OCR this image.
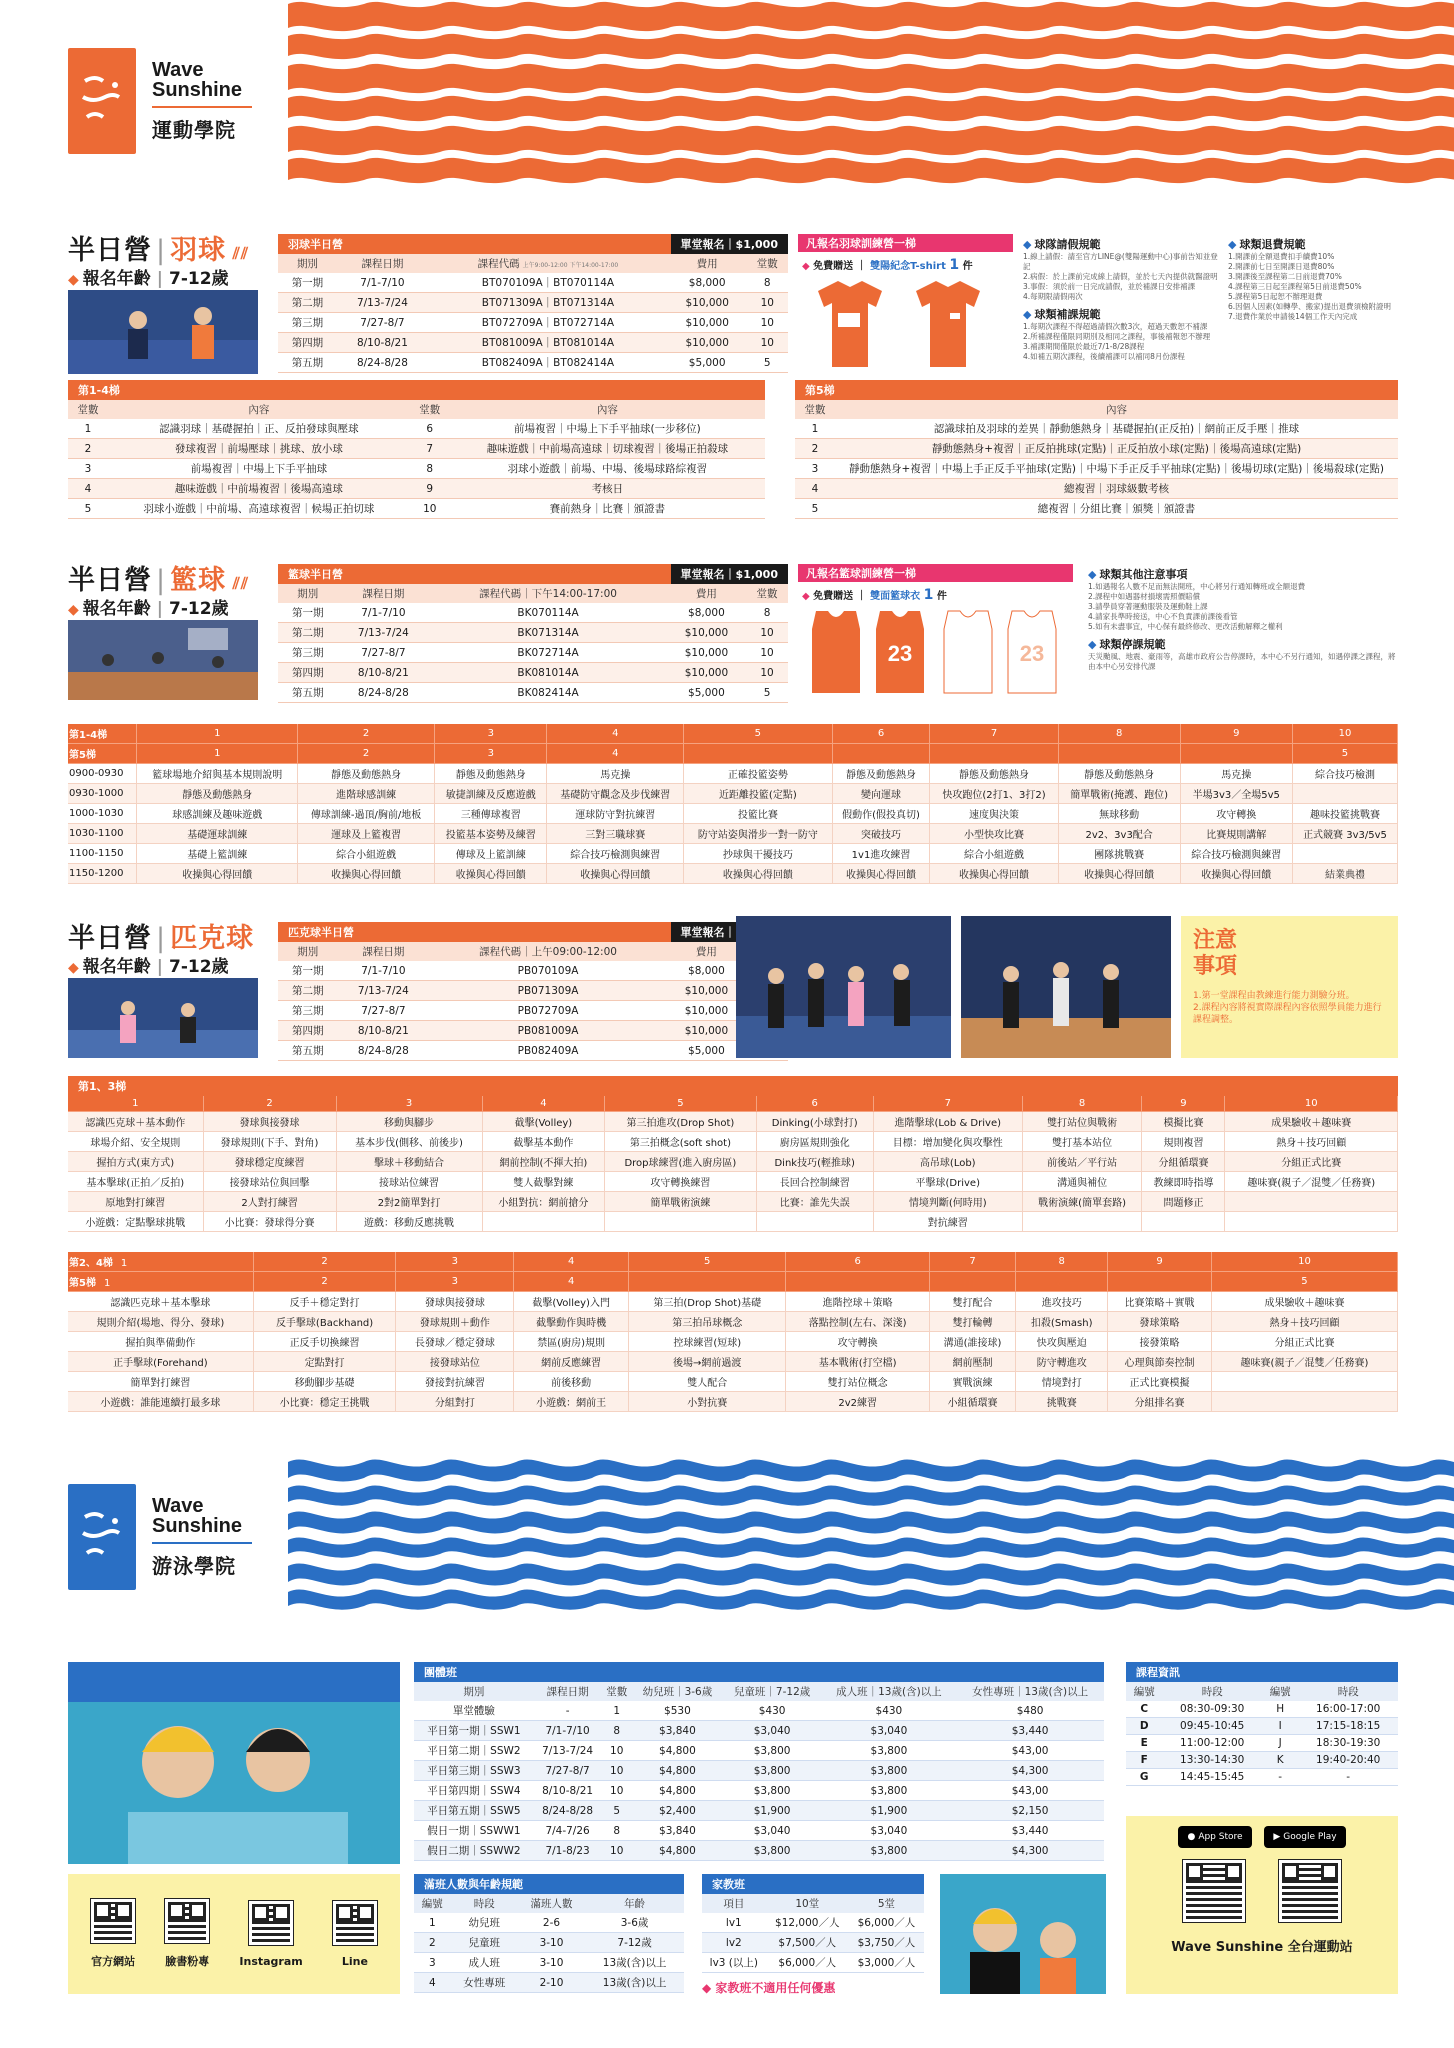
Wave
Sunshine
運動學院
半日營 | 羽球 ⫽⫽
◆ 報名年齡 | 7-12歲
羽球半日營	單堂報名 ｜ $1,000
期別	課程日期	課程代碼 上午9:00-12:00 下午14:00-17:00	費用	堂數
第一期	7/1-7/10	BT070109A｜BT070114A	$8,000	8
第二期	7/13-7/24	BT071309A｜BT071314A	$10,000	10
第三期	7/27-8/7	BT072709A｜BT072714A	$10,000	10
第四期	8/10-8/21	BT081009A｜BT081014A	$10,000	10
第五期	8/24-8/28	BT082409A｜BT082414A	$5,000	5
凡報名羽球訓練營一梯
◆ 免費贈送 ｜ 雙陽紀念T-shirt 1 件
◆ 球隊請假規範
1.線上請假：請至官方LINE@(雙陽運動中心)事前告知並登記
2.病假：於上課前完成線上請假，並於七天內提供就醫證明
3.事假：須於前一日完成請假，並於補課日安排補課
4.每期限請假兩次
◆ 球類補課規範
1.每期次課程不得超過請假次數3次，超過天數恕不補課
2.所補課程僅限同期別及相同之課程，事後補報恕不辦理
3.補課期間僅限於最近7/1-8/28課程
4.如補五期次課程，後續補課可以補同8月份課程
◆ 球類退費規範
1.開課前全額退費扣手續費10%
2.開課前七日至開課日退費80%
3.開課後至課程第二日前退費70%
4.課程第三日起至課程第5日前退費50%
5.課程第5日起恕不辦理退費
6.因個人因素(如轉學、搬家)提出退費須檢附證明
7.退費作業於申請後14個工作天內完成
第1-4梯
堂數	內容	堂數	內容
1	認識羽球｜基礎握拍｜正、反拍發球與壓球	6	前場複習｜中場上下手平抽球(一步移位)
2	發球複習｜前場壓球｜挑球、放小球	7	趣味遊戲｜中前場高遠球｜切球複習｜後場正拍殺球
3	前場複習｜中場上下手平抽球	8	羽球小遊戲｜前場、中場、後場球路綜複習
4	趣味遊戲｜中前場複習｜後場高遠球	9	考核日
5	羽球小遊戲｜中前場、高遠球複習｜候場正拍切球	10	賽前熱身｜比賽｜頒證書
第5梯
堂數	內容
1	認識球拍及羽球的差異｜靜動態熱身｜基礎握拍(正反拍)｜網前正反手壓｜推球
2	靜動態熱身+複習｜正反拍挑球(定點)｜正反拍放小球(定點)｜後場高遠球(定點)
3	靜動態熱身+複習｜中場上手正反手平抽球(定點)｜中場下手正反手平抽球(定點)｜後場切球(定點)｜後場殺球(定點)
4	總複習｜羽球級數考核
5	總複習｜分組比賽｜頒獎｜頒證書
半日營 | 籃球 ⫽⫽
◆ 報名年齡 | 7-12歲
籃球半日營	單堂報名 ｜ $1,000
期別	課程日期	課程代碼｜下午14:00-17:00	費用	堂數
第一期	7/1-7/10	BK070114A	$8,000	8
第二期	7/13-7/24	BK071314A	$10,000	10
第三期	7/27-8/7	BK072714A	$10,000	10
第四期	8/10-8/21	BK081014A	$10,000	10
第五期	8/24-8/28	BK082414A	$5,000	5
凡報名籃球訓練營一梯
◆ 免費贈送 ｜ 雙面籃球衣 1 件
23	23
◆ 球類其他注意事項
1.如遇報名人數不足而無法開班，中心將另行通知轉班或全額退費
2.課程中如遇器材損壞需照價賠償
3.請學員穿著運動服裝及運動鞋上課
4.請家長準時接送，中心不負責課前課後看管
5.如有未盡事宜，中心保有最終修改、更改活動解釋之權利
◆ 球類停課規範
天災颱風、地震、豪雨等，高雄市政府公告停課時，本中心不另行通知，如遇停課之課程，將由本中心另安排代課
第1-4梯	1	2	3	4	5	6	7	8	9	10
第5梯	1	2	3	4						5
0900-0930	籃球場地介紹與基本規則說明	靜態及動態熱身	靜態及動態熱身	馬克操	正確投籃姿勢	靜態及動態熱身	靜態及動態熱身	靜態及動態熱身	馬克操	綜合技巧檢測
0930-1000	靜態及動態熱身	進階球感訓練	敏捷訓練及反應遊戲	基礎防守觀念及步伐練習	近距離投籃(定點)	變向運球	快攻跑位(2打1、3打2)	簡單戰術(掩護、跑位)	半場3v3／全場5v5	
1000-1030	球感訓練及趣味遊戲	傳球訓練-過頂/胸前/地板	三種傳球複習	運球防守對抗練習	投籃比賽	假動作(假投真切)	速度與決策	無球移動	攻守轉換	趣味投籃挑戰賽
1030-1100	基礎運球訓練	運球及上籃複習	投籃基本姿勢及練習	三對三職球賽	防守站姿與滑步一對一防守	突破技巧	小型快攻比賽	2v2、3v3配合	比賽規則講解	正式競賽 3v3/5v5
1100-1150	基礎上籃訓練	綜合小組遊戲	傳球及上籃訓練	綜合技巧檢測與練習	抄球與干擾技巧	1v1進攻練習	綜合小組遊戲	團隊挑戰賽	綜合技巧檢測與練習	
1150-1200	收操與心得回饋	收操與心得回饋	收操與心得回饋	收操與心得回饋	收操與心得回饋	收操與心得回饋	收操與心得回饋	收操與心得回饋	收操與心得回饋	結業典禮
半日營 | 匹克球
◆ 報名年齡 | 7-12歲
匹克球半日營	單堂報名 ｜
期別	課程日期	課程代碼｜上午09:00-12:00	費用	
第一期	7/1-7/10	PB070109A	$8,000	
第二期	7/13-7/24	PB071309A	$10,000	
第三期	7/27-8/7	PB072709A	$10,000	
第四期	8/10-8/21	PB081009A	$10,000	
第五期	8/24-8/28	PB082409A	$5,000	
注意
事項
1.第一堂課程由教練進行能力測驗分班。
2.課程內容將視實際課程內容依照學員能力進行課程調整。
第1、3梯
1	2	3	4	5	6	7	8	9	10
認識匹克球＋基本動作	發球與接發球	移動與腳步	截擊(Volley)	第三拍進攻(Drop Shot)	Dinking(小球對打)	進階擊球(Lob & Drive)	雙打站位與戰術	模擬比賽	成果驗收＋趣味賽
球場介紹、安全規則	發球規則(下手、對角)	基本步伐(側移、前後步)	截擊基本動作	第三拍概念(soft shot)	廚房區規則強化	目標：增加變化與攻擊性	雙打基本站位	規則複習	熱身＋技巧回顧
握拍方式(東方式)	發球穩定度練習	擊球＋移動結合	網前控制(不揮大拍)	Drop球練習(進入廚房區)	Dink技巧(輕推球)	高吊球(Lob)	前後站／平行站	分組循環賽	分組正式比賽
基本擊球(正拍／反拍)	接發球站位與回擊	接球站位練習	雙人截擊對練	攻守轉換練習	長回合控制練習	平擊球(Drive)	溝通與補位	教練即時指導	趣味賽(親子／混雙／任務賽)
原地對打練習	2人對打練習	2對2簡單對打	小組對抗：網前搶分	簡單戰術演練	比賽：誰先失誤	情境判斷(何時用)	戰術演練(簡單套路)	問題修正	
小遊戲：定點擊球挑戰	小比賽：發球得分賽	遊戲：移動反應挑戰				對抗練習			
第2、4梯 1	2	3	4	5	6	7	8	9	10
第5梯 1	2	3	4						5
認識匹克球＋基本擊球	反手＋穩定對打	發球與接發球	截擊(Volley)入門	第三拍(Drop Shot)基礎	進階控球＋策略	雙打配合	進攻技巧	比賽策略＋實戰	成果驗收＋趣味賽
規則介紹(場地、得分、發球)	反手擊球(Backhand)	發球規則＋動作	截擊動作與時機	第三拍吊球概念	落點控制(左右、深淺)	雙打輪轉	扣殺(Smash)	發球策略	熱身＋技巧回顧
握拍與準備動作	正反手切換練習	長發球／穩定發球	禁區(廚房)規則	控球練習(短球)	攻守轉換	溝通(誰接球)	快攻與壓迫	接發策略	分組正式比賽
正手擊球(Forehand)	定點對打	接發球站位	網前反應練習	後場→網前過渡	基本戰術(打空檔)	網前壓制	防守轉進攻	心理與節奏控制	趣味賽(親子／混雙／任務賽)
簡單對打練習	移動腳步基礎	發接對抗練習	前後移動	雙人配合	雙打站位概念	實戰演練	情境對打	正式比賽模擬	
小遊戲：誰能連續打最多球	小比賽：穩定王挑戰	分組對打	小遊戲：網前王	小對抗賽	2v2練習	小組循環賽	挑戰賽	分組排名賽	
Wave
Sunshine
游泳學院
團體班
期別	課程日期	堂數	幼兒班｜3-6歲	兒童班｜7-12歲	成人班｜13歲(含)以上	女性專班｜13歲(含)以上
單堂體驗	-	1	$530	$430	$430	$480
平日第一期｜SSW1	7/1-7/10	8	$3,840	$3,040	$3,040	$3,440
平日第二期｜SSW2	7/13-7/24	10	$4,800	$3,800	$3,800	$43,00
平日第三期｜SSW3	7/27-8/7	10	$4,800	$3,800	$3,800	$4,300
平日第四期｜SSW4	8/10-8/21	10	$4,800	$3,800	$3,800	$43,00
平日第五期｜SSW5	8/24-8/28	5	$2,400	$1,900	$1,900	$2,150
假日一期｜SSWW1	7/4-7/26	8	$3,840	$3,040	$3,040	$3,440
假日二期｜SSWW2	7/1-8/23	10	$4,800	$3,800	$3,800	$4,300
課程資訊
編號	時段	編號	時段
C	08:30-09:30	H	16:00-17:00
D	09:45-10:45	I	17:15-18:15
E	11:00-12:00	J	18:30-19:30
F	13:30-14:30	K	19:40-20:40
G	14:45-15:45	-	-
● App Store	▶ Google Play
Wave Sunshine 全台運動站
官方網站	臉書粉專	Instagram	Line
滿班人數與年齡規範
編號	時段	滿班人數	年齡
1	幼兒班	2-6	3-6歲
2	兒童班	3-10	7-12歲
3	成人班	3-10	13歲(含)以上
4	女性專班	2-10	13歲(含)以上
家教班
項目	10堂	5堂
lv1	$12,000／人	$6,000／人
lv2	$7,500／人	$3,750／人
lv3 (以上)	$6,000／人	$3,000／人
◆ 家教班不適用任何優惠
